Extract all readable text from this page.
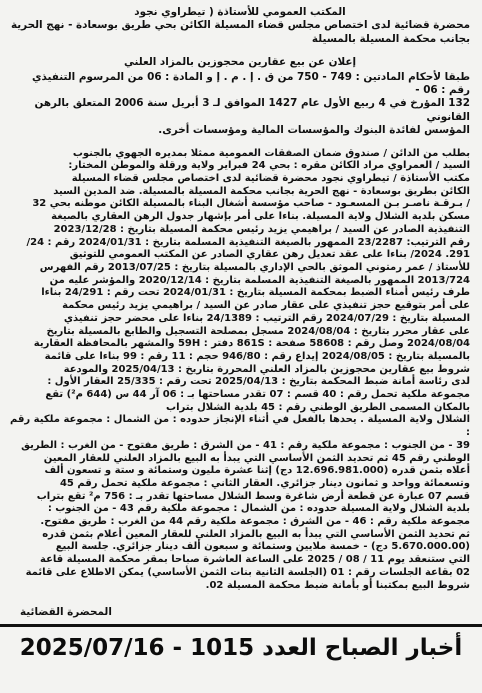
المكتب العمومي للأستاذة ( تيطراوي نجود
محضرة قضائية لدى اختصاص مجلس قضاء المسيلة الكائن بحي طريق بوسعادة - نهج الحرية
بجانب محكمة المسيلة بالمسيلة
إعلان عن بيع عقارين محجوزين بالمزاد العلني
طبقا لأحكام المادتين : 749 - 750 من ق . إ . م . إ و المادة : 06 من المرسوم التنفيذي رقم : 06 -
132 المؤرخ في 4 ربيع الأول عام 1427 الموافق لـ 3 أبريل سنة 2006 المتعلق بالرهن القانوني
المؤسس لفائدة البنوك والمؤسسات المالية ومؤسسات أخرى.
بطلب من الدائن / صندوق ضمان الصفقات العمومية ممثلا بمديره الجهوي بالجنوب
السيد / العمراوي مراد الكائن مقره : بحي 24 فبراير ولاية ورقلة والموطن المختار:
مكتب الأستاذة / تيطراوي نجود محضرة قضائية لدى اختصاص مجلس قضاء المسيلة
الكائن بطريق بوسعادة - نهج الحرية بجانب محكمة المسيلة بالمسيلة. ضد المدين السيد
/ بـرقـة ناصـر بـن المسعـود - صاحب مؤسسة أشغال البناء بالمسيلة الكائن موطنه بحي 32
مسكن بلدية الشلال ولاية المسيلة. بناءا على أمر بإشهار جدول الرهن العقاري بالصيغة
التنفيذية الصادر عن السيد / براهيمي يزيد رئيس محكمة المسيلة بتاريخ : 2023/12/28
رقم الترتيب: 23/2287 الممهور بالصيغة التنفيذية المسلمة بتاريخ : 2024/01/31 رقم : 24/
291. 2024/ بناءا على عقد تعديل رهن عقاري الصادر عن المكتب العمومي للتوثيق
للأستاذ / عمر رمتوني الموثق بالحي الإداري بالمسيلة بتاريخ : 2013/07/25 رقم الفهرس
2013/724 الممهور بالصيغة التنفيذية المسلمة بتاريخ : 2020/12/14 والمؤشر عليه من
طرف رئيس أمناء الضبط بمحكمة المسيلة بتاريخ : 2024/01/31 تحت رقم : 24/291 بناءا
على أمر بتوقيع حجز تنفيذي على عقار صادر عن السيد / براهيمي يزيد رئيس محكمة
المسيلة بتاريخ : 2024/07/29 رقم الترتيب : 24/1389 بناءا على محضر حجز تنفيذي
على عقار محرر بتاريخ : 2024/08/04 مسجل بمصلحة التسجيل والطابع بالمسيلة بتاريخ
2024/08/04 وصل رقم : 58608 صفحة : 861S دفتر : 59H والمشهر بالمحافظة العقارية
بالمسيلة بتاريخ : 2024/08/05 إيداع رقم : 946/80 حجم : 11 رقم : 99 بناءا على قائمة
شروط بيع عقارين محجوزين بالمزاد العلني المحررة بتاريخ : 2025/04/13 والمودعة
لدى رئاسة أمانة ضبط المحكمة بتاريخ : 2025/04/13 تحت رقم : 25/335 العقار الأول :
مجموعة ملكية تحمل رقم : 40 قسم : 07 تقدر مساحتها بـ : 06 آر 44 س (644 م²) تقع
بالمكان المسمى الطريق الوطني رقم : 45 بلدية الشلال بتراب
الشلال ولاية المسيلة . يحدها بالفعل في أثناء الإنجاز حدوده : من الشمال : مجموعة ملكية رقم :
39 - من الجنوب : مجموعة ملكية رقم : 41 - من الشرق : طريق مفتوح - من الغرب : الطريق
الوطني رقم 45 ثم تحديد الثمن الأساسي التي يبدأ به البيع بالمزاد العلني للعقار المعين
أعلاه بثمن قدره (12.696.981.000 دج) إثنا عشرة مليون وستمائة و ستة و تسعون ألف
وتسعمائة وواحد و ثمانون دينار جزائري. العقار الثاني : مجموعة ملكية تحمل رقم 45
قسم 07 عبارة عن قطعة أرض شاغرة وسط الشلال مساحتها تقدر بـ : 756 م² تقع بتراب
بلدية الشلال ولاية المسيلة حدوده : من الشمال : مجموعة ملكية رقم 43 - من الجنوب :
مجموعة ملكية رقم : 46 - من الشرق : مجموعة ملكية رقم 44 من الغرب : طريق مفتوح.
ثم تحديد الثمن الأساسي التي يبدأ به البيع بالمزاد العلني للعقار المعين أعلام بثمن قدره
(5.670.000.00 دج) - خمسة ملايين وستمائة و سبعون ألف دينار جزائري. جلسة البيع
التي ستنعقد يوم 11 / 08 / 2025 على الساعة العاشرة صباحا بمقر محكمة المسيلة قاعة
02 بقاعة الجلسات رقم : 01 (الجلسة الثانية بنات الثمن الأساسي) يمكن الاطلاع على قائمة
شروط البيع بمكتبنا أو بأمانة ضبط محكمة المسيلة 02.
المحضرة القضائية
أخبار الصباح العدد 1015 - 2025/07/16
